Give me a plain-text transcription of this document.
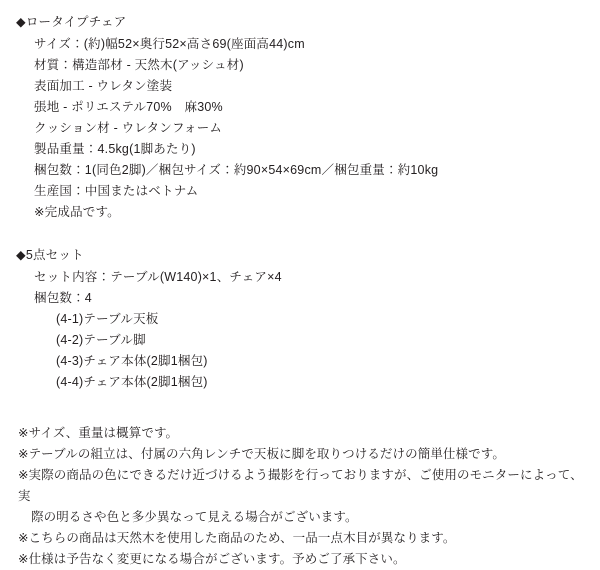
◆ロータイプチェア
サイズ：(約)幅52×奥行52×高さ69(座面高44)cm
材質：構造部材 - 天然木(アッシュ材)
表面加工 - ウレタン塗装
張地 - ポリエステル70%　麻30%
クッション材 - ウレタンフォーム
製品重量：4.5kg(1脚あたり)
梱包数：1(同色2脚)／梱包サイズ：約90×54×69cm／梱包重量：約10kg
生産国：中国またはベトナム
※完成品です。
◆5点セット
セット内容：テーブル(W140)×1、チェア×4
梱包数：4
(4-1)テーブル天板
(4-2)テーブル脚
(4-3)チェア本体(2脚1梱包)
(4-4)チェア本体(2脚1梱包)
※サイズ、重量は概算です。
※テーブルの組立は、付属の六角レンチで天板に脚を取りつけるだけの簡単仕様です。
※実際の商品の色にできるだけ近づけるよう撮影を行っておりますが、ご使用のモニターによって、実
際の明るさや色と多少異なって見える場合がございます。
※こちらの商品は天然木を使用した商品のため、一品一点木目が異なります。
※仕様は予告なく変更になる場合がございます。予めご了承下さい。
